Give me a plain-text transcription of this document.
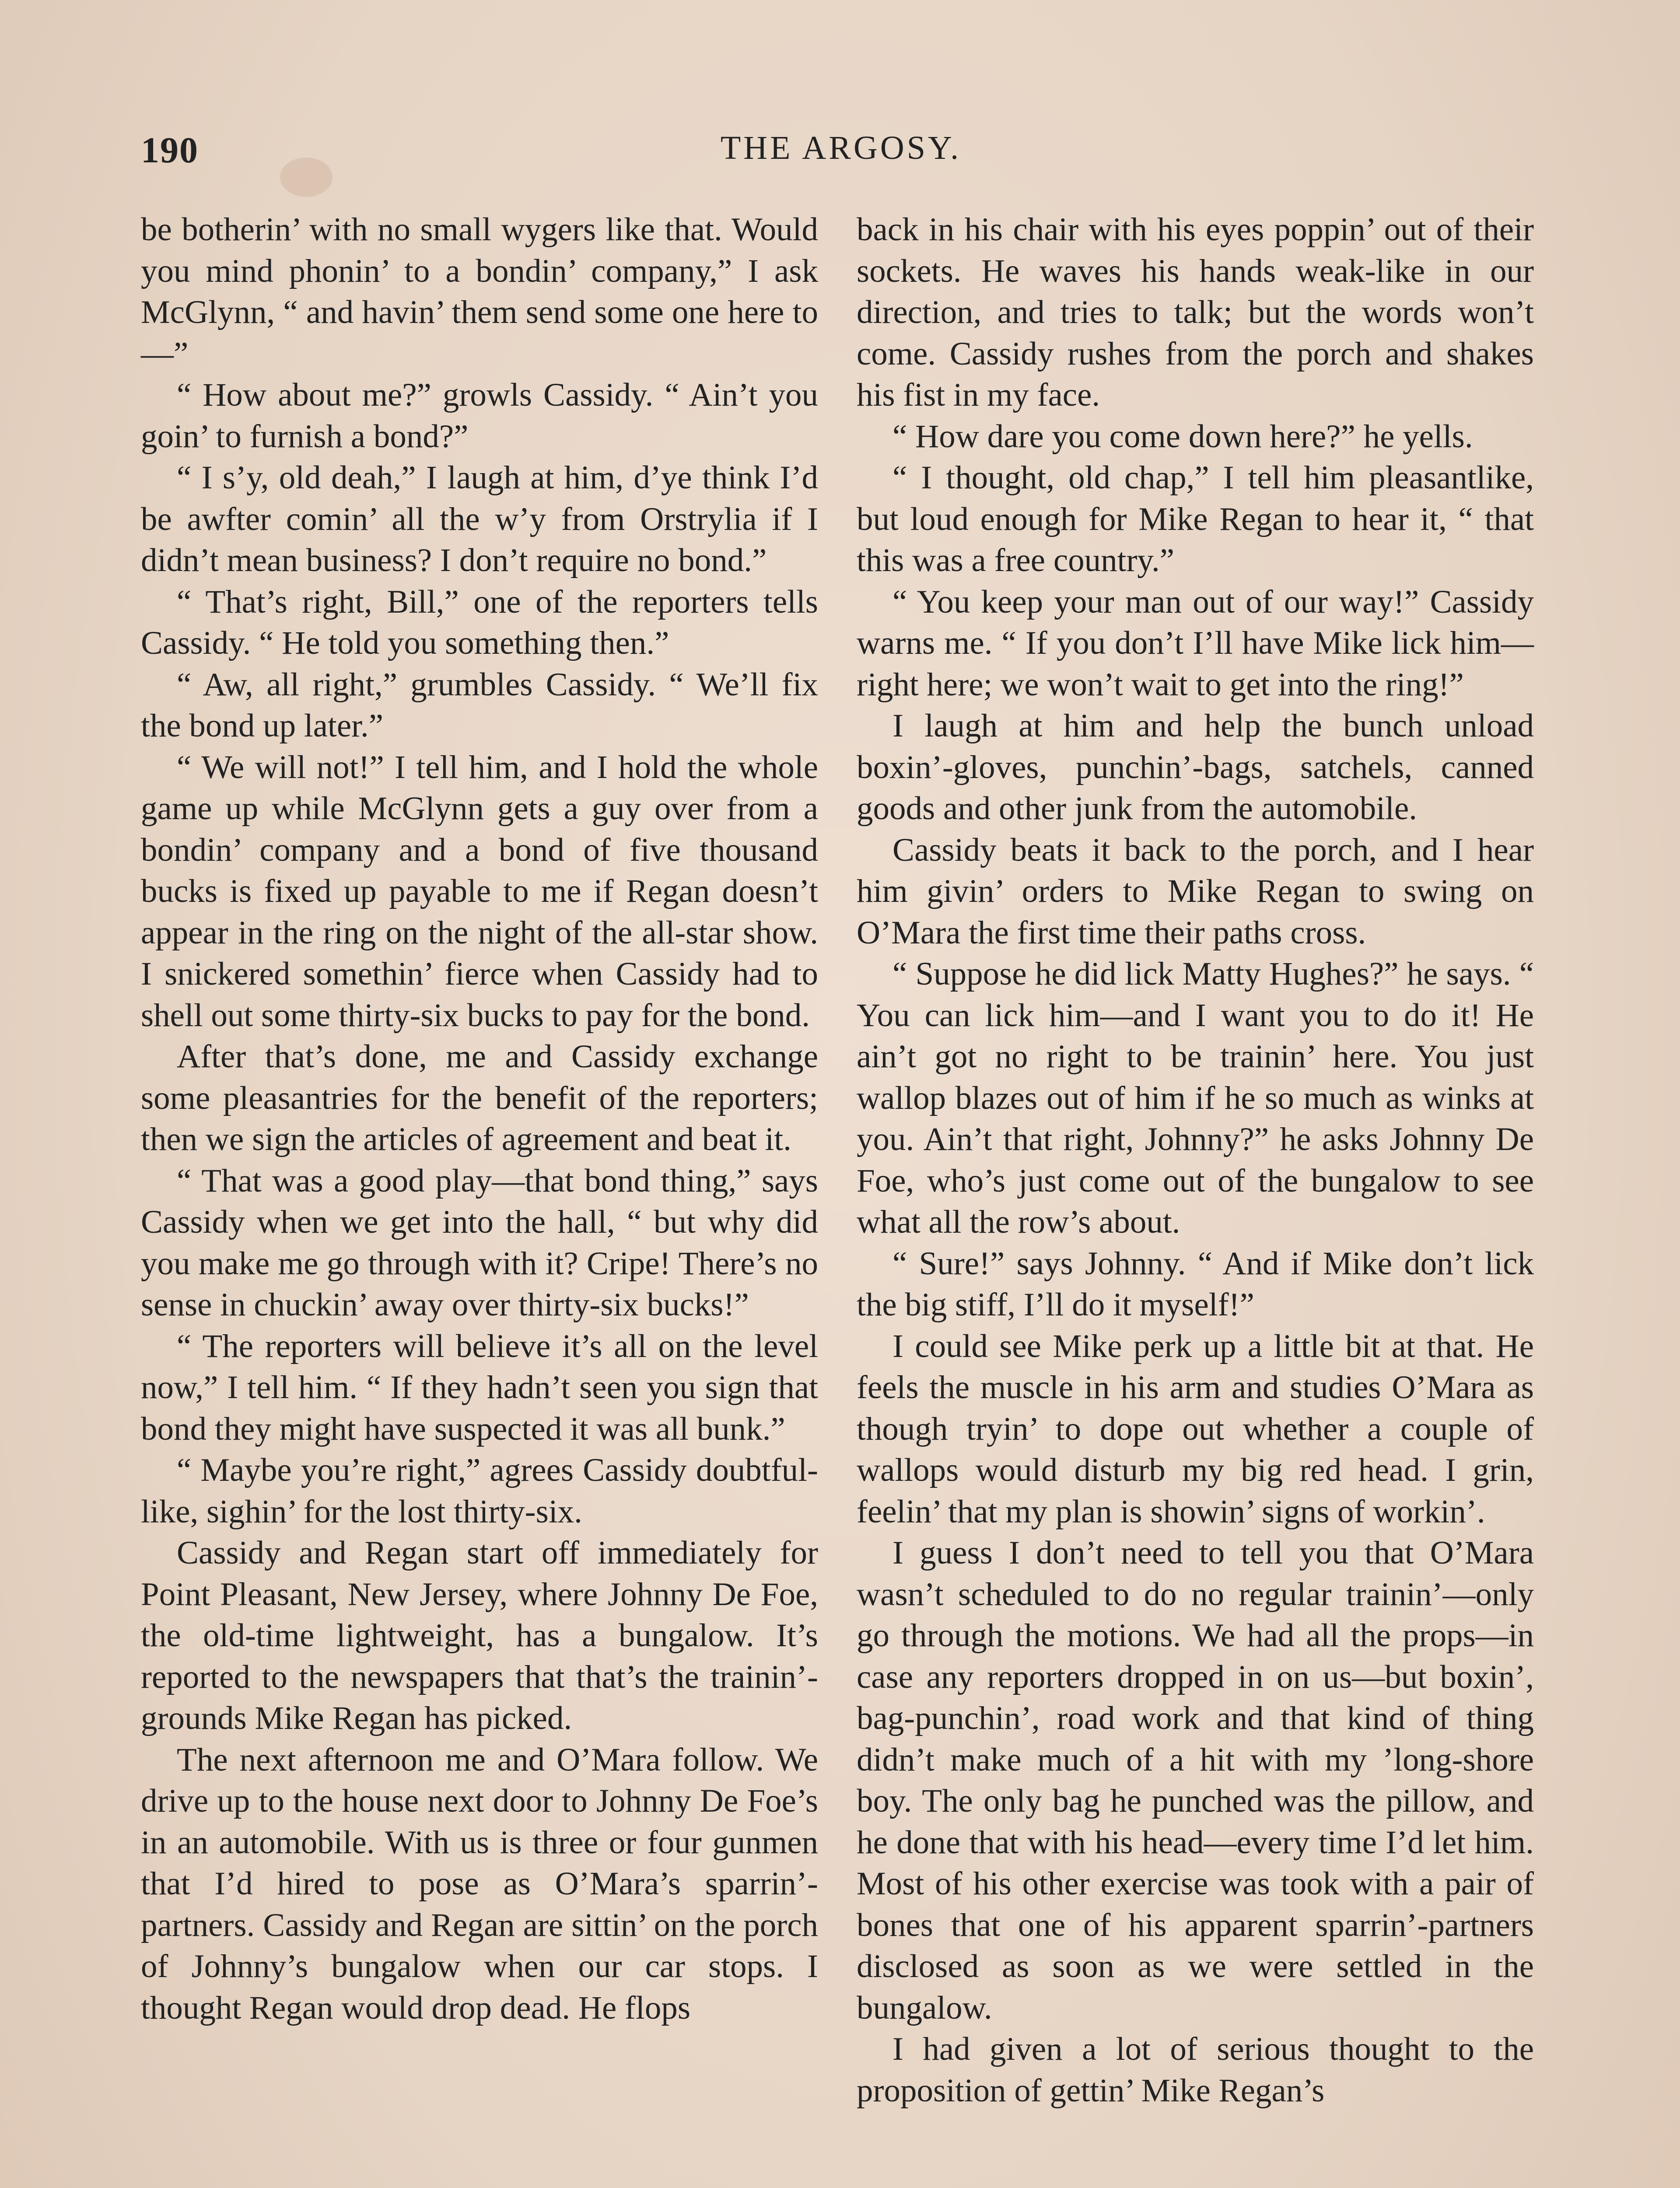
190	THE ARGOSY.

be botherin’ with no small wygers like that. Would you mind phonin’ to a bondin’ company,” I ask McGlynn, “ and havin’ them send some one here to—”

“ How about me?” growls Cassidy. “ Ain’t you goin’ to furnish a bond?”

“ I s’y, old deah,” I laugh at him, d’ye think I’d be awfter comin’ all the w’y from Orstrylia if I didn’t mean business? I don’t require no bond.”

“ That’s right, Bill,” one of the reporters tells Cassidy. “ He told you something then.”

“ Aw, all right,” grumbles Cassidy. “ We’ll fix the bond up later.”

“ We will not!” I tell him, and I hold the whole game up while McGlynn gets a guy over from a bondin’ company and a bond of five thousand bucks is fixed up payable to me if Regan doesn’t appear in the ring on the night of the all-star show. I snickered somethin’ fierce when Cassidy had to shell out some thirty-six bucks to pay for the bond.

After that’s done, me and Cassidy exchange some pleasantries for the benefit of the reporters; then we sign the articles of agreement and beat it.

“ That was a good play—that bond thing,” says Cassidy when we get into the hall, “ but why did you make me go through with it? Cripe! There’s no sense in chuckin’ away over thirty-six bucks!”

“ The reporters will believe it’s all on the level now,” I tell him. “ If they hadn’t seen you sign that bond they might have suspected it was all bunk.”

“ Maybe you’re right,” agrees Cassidy doubtful-like, sighin’ for the lost thirty-six.

Cassidy and Regan start off immediately for Point Pleasant, New Jersey, where Johnny De Foe, the old-time lightweight, has a bungalow. It’s reported to the newspapers that that’s the trainin’-grounds Mike Regan has picked.

The next afternoon me and O’Mara follow. We drive up to the house next door to Johnny De Foe’s in an automobile. With us is three or four gunmen that I’d hired to pose as O’Mara’s sparrin’-partners. Cassidy and Regan are sittin’ on the porch of Johnny’s bungalow when our car stops. I thought Regan would drop dead. He flops

back in his chair with his eyes poppin’ out of their sockets. He waves his hands weak-like in our direction, and tries to talk; but the words won’t come. Cassidy rushes from the porch and shakes his fist in my face.

“ How dare you come down here?” he yells.

“ I thought, old chap,” I tell him pleasantlike, but loud enough for Mike Regan to hear it, “ that this was a free country.”

“ You keep your man out of our way!” Cassidy warns me. “ If you don’t I’ll have Mike lick him—right here; we won’t wait to get into the ring!”

I laugh at him and help the bunch unload boxin’-gloves, punchin’-bags, satchels, canned goods and other junk from the automobile.

Cassidy beats it back to the porch, and I hear him givin’ orders to Mike Regan to swing on O’Mara the first time their paths cross.

“ Suppose he did lick Matty Hughes?” he says. “ You can lick him—and I want you to do it! He ain’t got no right to be trainin’ here. You just wallop blazes out of him if he so much as winks at you. Ain’t that right, Johnny?” he asks Johnny De Foe, who’s just come out of the bungalow to see what all the row’s about.

“ Sure!” says Johnny. “ And if Mike don’t lick the big stiff, I’ll do it myself!”

I could see Mike perk up a little bit at that. He feels the muscle in his arm and studies O’Mara as though tryin’ to dope out whether a couple of wallops would disturb my big red head. I grin, feelin’ that my plan is showin’ signs of workin’.

I guess I don’t need to tell you that O’Mara wasn’t scheduled to do no regular trainin’—only go through the motions. We had all the props—in case any reporters dropped in on us—but boxin’, bag-punchin’, road work and that kind of thing didn’t make much of a hit with my ’long-shore boy. The only bag he punched was the pillow, and he done that with his head—every time I’d let him. Most of his other exercise was took with a pair of bones that one of his apparent sparrin’-partners disclosed as soon as we were settled in the bungalow.

I had given a lot of serious thought to the proposition of gettin’ Mike Regan’s
